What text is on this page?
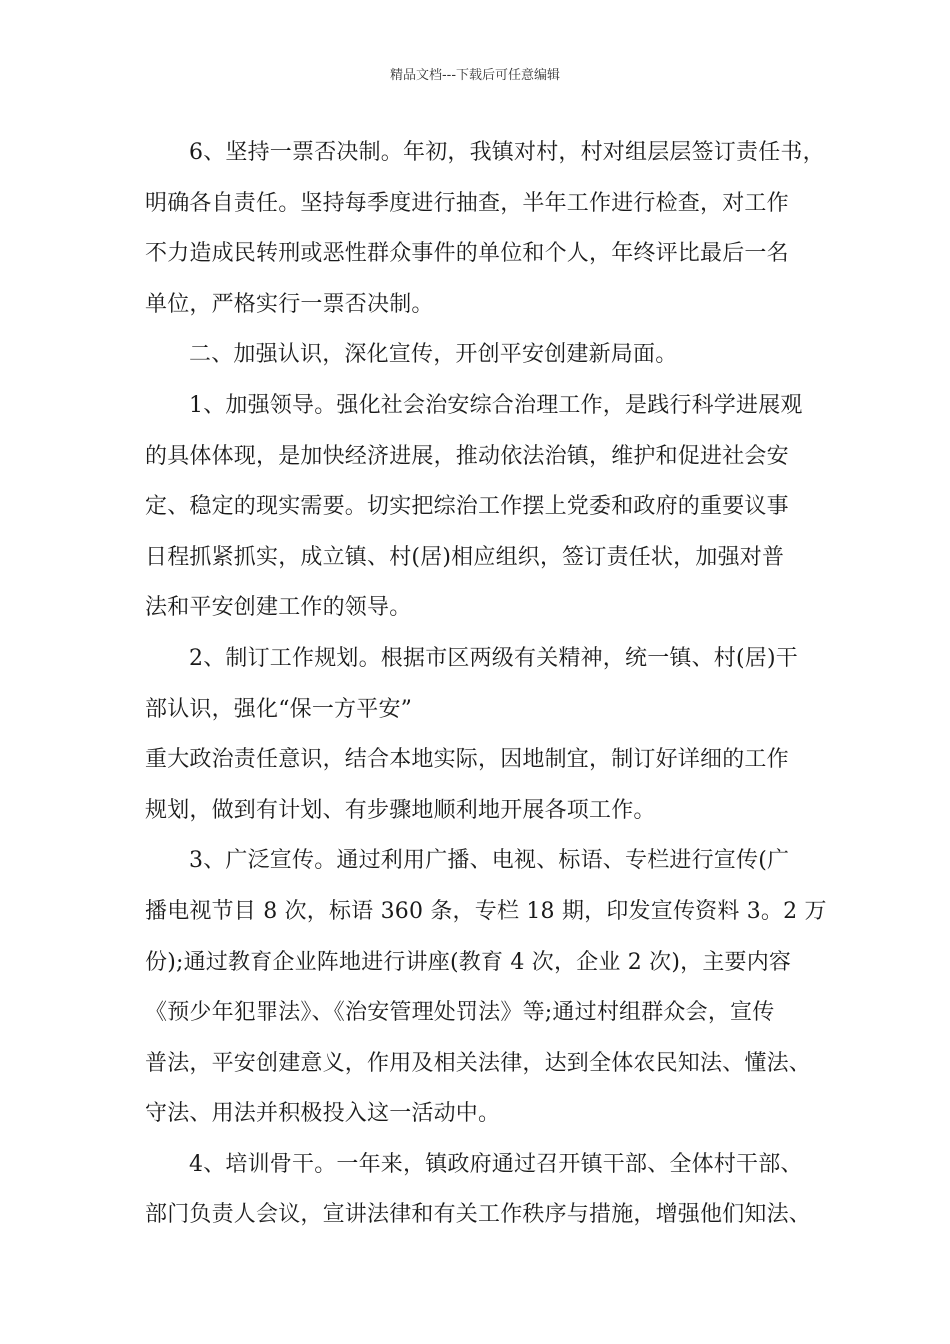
精品文档---下载后可任意编辑
6、坚持一票否决制。年初，我镇对村，村对组层层签订责任书，
明确各自责任。坚持每季度进行抽查，半年工作进行检查，对工作
不力造成民转刑或恶性群众事件的单位和个人，年终评比最后一名
单位，严格实行一票否决制。
二、加强认识，深化宣传，开创平安创建新局面。
1、加强领导。强化社会治安综合治理工作，是践行科学进展观
的具体体现，是加快经济进展，推动依法治镇，维护和促进社会安
定、稳定的现实需要。切实把综治工作摆上党委和政府的重要议事
日程抓紧抓实，成立镇、村(居)相应组织，签订责任状，加强对普
法和平安创建工作的领导。
2、制订工作规划。根据市区两级有关精神，统一镇、村(居)干
部认识，强化“保一方平安”
重大政治责任意识，结合本地实际，因地制宜，制订好详细的工作
规划，做到有计划、有步骤地顺利地开展各项工作。
3、广泛宣传。通过利用广播、电视、标语、专栏进行宣传(广
播电视节目 8 次，标语 360 条，专栏 18 期，印发宣传资料 3。2 万
份);通过教育企业阵地进行讲座(教育 4 次，企业 2 次)，主要内容
《预少年犯罪法》、《治安管理处罚法》等;通过村组群众会，宣传
普法，平安创建意义，作用及相关法律，达到全体农民知法、懂法、
守法、用法并积极投入这一活动中。
4、培训骨干。一年来，镇政府通过召开镇干部、全体村干部、
部门负责人会议，宣讲法律和有关工作秩序与措施，增强他们知法、
